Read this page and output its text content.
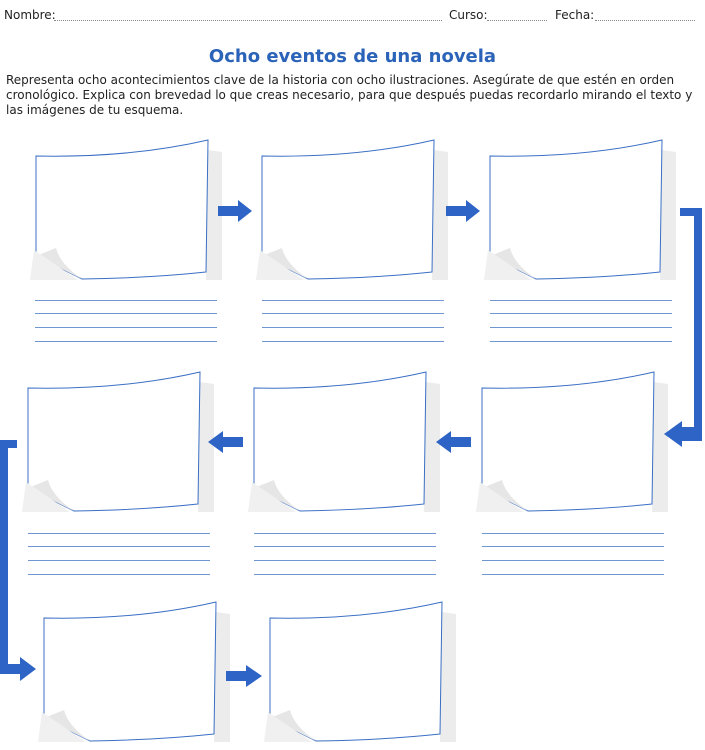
Nombre:	Curso:	Fecha:
Ocho eventos de una novela
Representa ocho acontecimientos clave de la historia con ocho ilustraciones. Asegúrate de que estén en orden cronológico. Explica con brevedad lo que creas necesario, para que después puedas recordarlo mirando el texto y las imágenes de tu esquema.
